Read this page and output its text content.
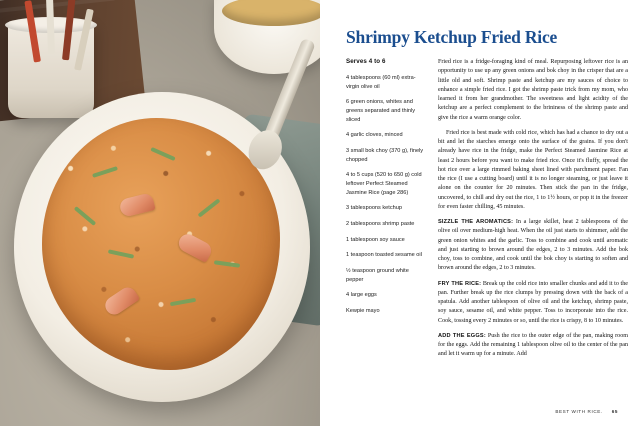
Shrimpy Ketchup Fried Rice
Serves 4 to 6
4 tablespoons (60 ml) extra-virgin olive oil
6 green onions, whites and greens separated and thinly sliced
4 garlic cloves, minced
3 small bok choy (370 g), finely chopped
4 to 5 cups (520 to 650 g) cold leftover Perfect Steamed Jasmine Rice (page 286)
3 tablespoons ketchup
2 tablespoons shrimp paste
1 tablespoon soy sauce
1 teaspoon toasted sesame oil
½ teaspoon ground white pepper
4 large eggs
Kewpie mayo

Fried rice is a fridge-foraging kind of meal. Repurposing leftover rice is an opportunity to use up any green onions and bok choy in the crisper that are a little old and soft. Shrimp paste and ketchup are my sauces of choice to enhance a simple fried rice. I got the shrimp paste trick from my mom, who learned it from her grandmother. The sweetness and light acidity of the ketchup are a perfect complement to the brininess of the shrimp paste and give the rice a warm orange color.

Fried rice is best made with cold rice, which has had a chance to dry out a bit and let the starches emerge onto the surface of the grains. If you don't already have rice in the fridge, make the Perfect Steamed Jasmine Rice at least 2 hours before you want to make fried rice. Once it's fluffy, spread the hot rice over a large rimmed baking sheet lined with parchment paper. Fan the rice (I use a cutting board) until it is no longer steaming, or just leave it alone on the counter for 20 minutes. Then stick the pan in the fridge, uncovered, to chill and dry out the rice, 1 to 1½ hours, or pop it in the freezer for even faster chilling, 45 minutes.

SIZZLE THE AROMATICS: In a large skillet, heat 2 tablespoons of the olive oil over medium-high heat. When the oil just starts to shimmer, add the green onion whites and the garlic. Toss to combine and cook until aromatic and just starting to brown around the edges, 2 to 3 minutes. Add the bok choy, toss to combine, and cook until the bok choy is starting to soften and brown around the edges, 2 to 3 minutes.

FRY THE RICE: Break up the cold rice into smaller chunks and add it to the pan. Further break up the rice clumps by pressing down with the back of a spatula. Add another tablespoon of olive oil and the ketchup, shrimp paste, soy sauce, sesame oil, and white pepper. Toss to incorporate into the rice. Cook, tossing every 2 minutes or so, until the rice is crispy, 8 to 10 minutes.

ADD THE EGGS: Push the rice to the outer edge of the pan, making room for the eggs. Add the remaining 1 tablespoon olive oil to the center of the pan and let it warm up for a minute. Add

BEST WITH RICE. 65
